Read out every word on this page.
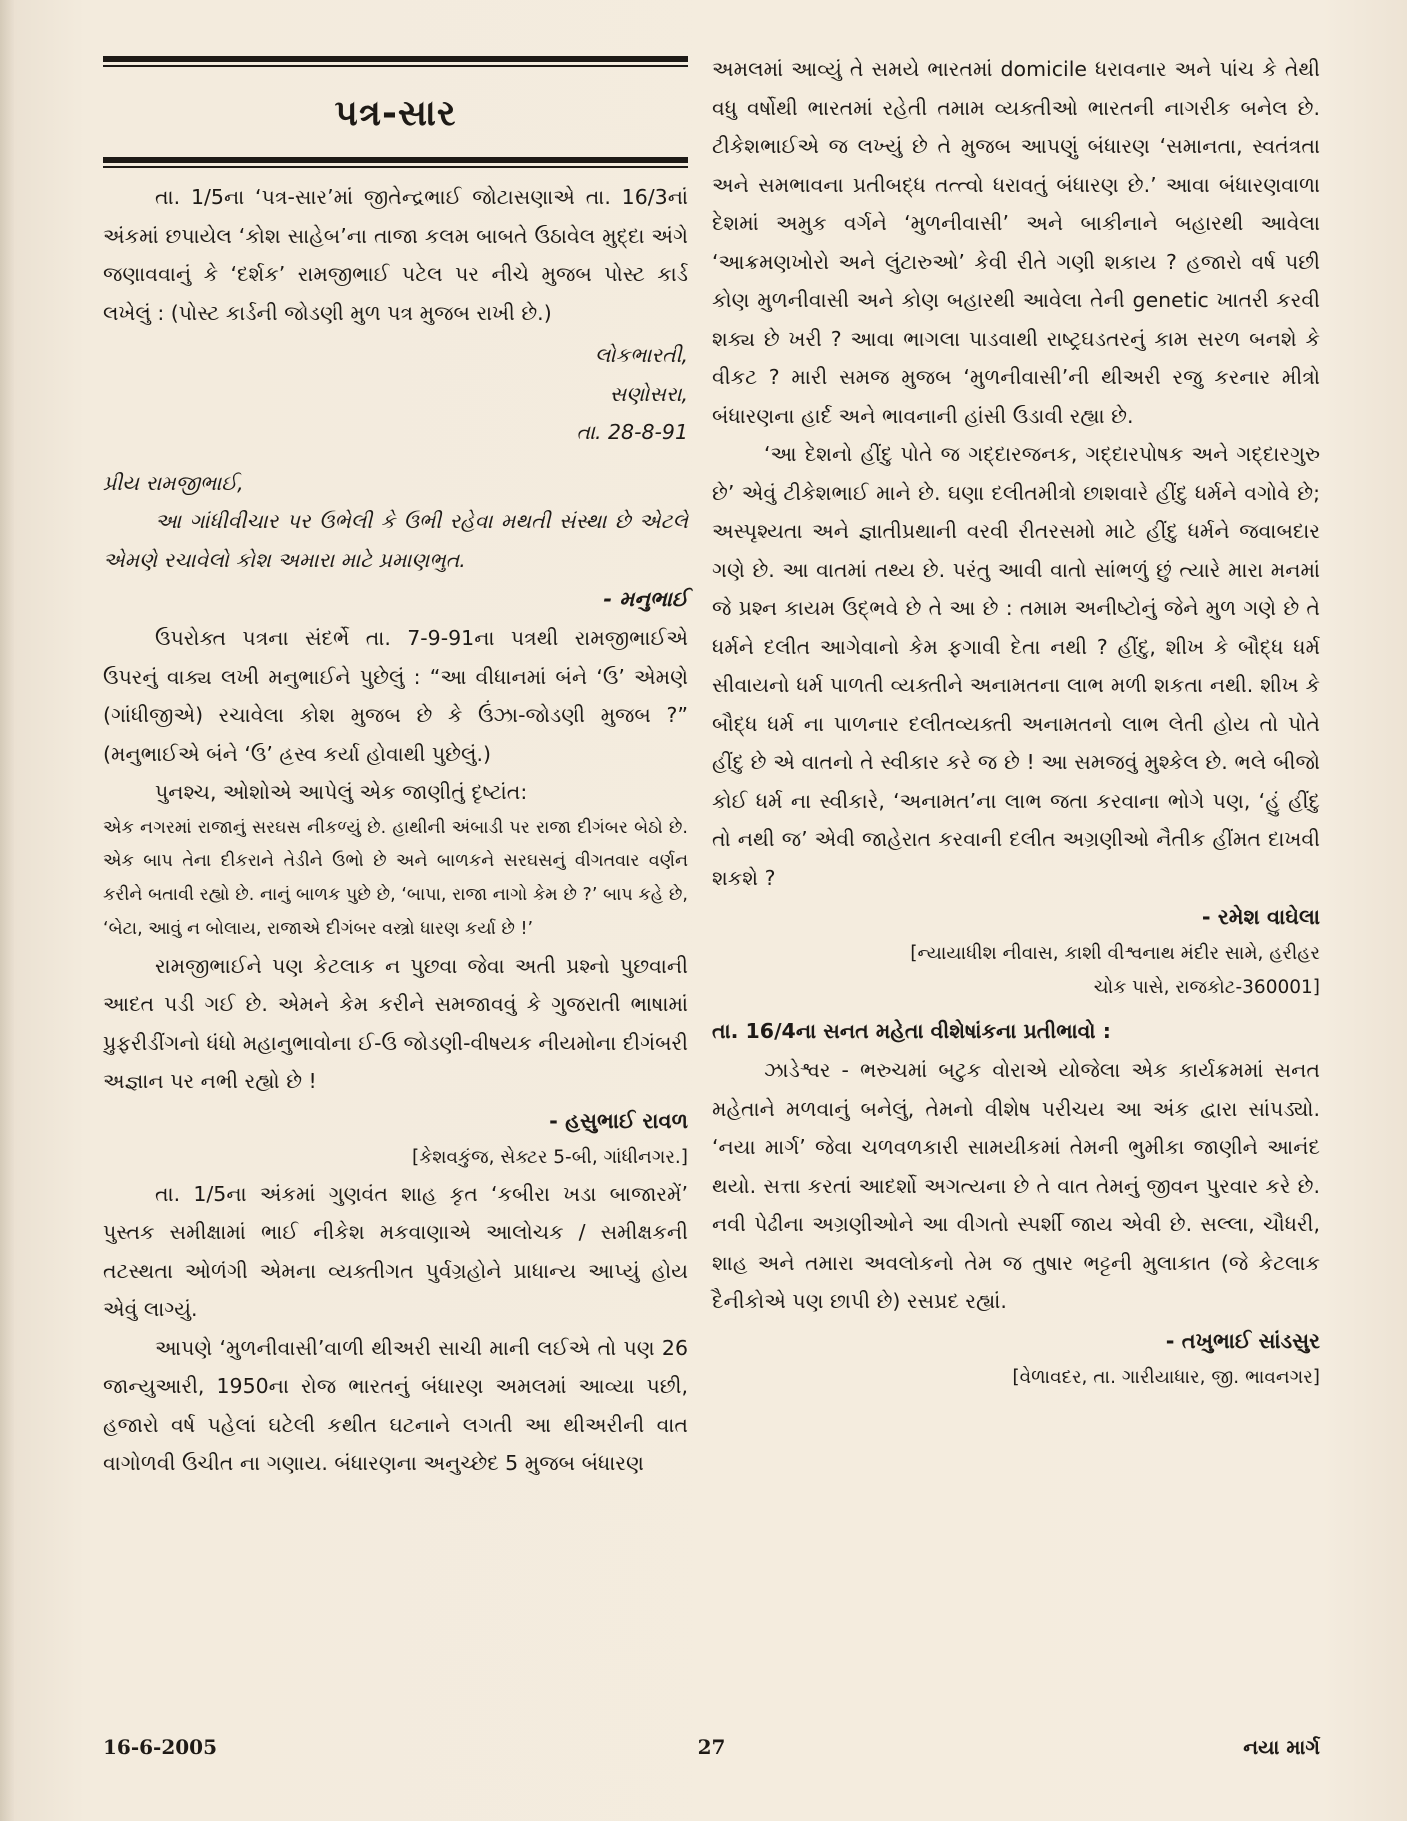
પત્ર-સાર

તા. 1/5ના ‘પત્ર-સાર’માં જીતેન્દ્રભાઈ જોટાસણાએ તા. 16/3નાં અંકમાં છપાયેલ ‘કોશ સાહેબ’ના તાજા કલમ બાબતે ઉઠાવેલ મુદ્દા અંગે જણાવવાનું કે ‘દર્શક’ રામજીભાઈ પટેલ પર નીચે મુજબ પોસ્ટ કાર્ડ લખેલું : (પોસ્ટ કાર્ડની જોડણી મુળ પત્ર મુજબ રાખી છે.)

લોકભારતી,

સણોસરા,

તા. 28-8-91

પ્રીય રામજીભાઈ,

આ ગાંધીવીચાર પર ઉભેલી કે ઉભી રહેવા મથતી સંસ્થા છે એટલે એમણે રચાવેલો કોશ અમારા માટે પ્રમાણભુત.

- મનુભાઈ

ઉપરોક્ત પત્રના સંદર્ભે તા. 7-9-91ના પત્રથી રામજીભાઈએ ઉપરનું વાક્ય લખી મનુભાઈને પુછેલું : “આ વીધાનમાં બંને ‘ઉ’ એમણે (ગાંધીજીએ) રચાવેલા કોશ મુજબ છે કે ઉંઝા-જોડણી મુજબ ?” (મનુભાઈએ બંને ‘ઉ’ હ્રસ્વ કર્યા હોવાથી પુછેલું.)

પુનશ્ચ, ઓશોએ આપેલું એક જાણીતું દૃષ્ટાંત:

એક નગરમાં રાજાનું સરઘસ નીકળ્યું છે. હાથીની અંબાડી પર રાજા દીગંબર બેઠો છે. એક બાપ તેના દીકરાને તેડીને ઉભો છે અને બાળકને સરઘસનું વીગતવાર વર્ણન કરીને બતાવી રહ્યો છે. નાનું બાળક પુછે છે, ‘બાપા, રાજા નાગો કેમ છે ?’ બાપ કહે છે, ‘બેટા, આવું ન બોલાય, રાજાએ દીગંબર વસ્ત્રો ધારણ કર્યા છે !’

રામજીભાઈને પણ કેટલાક ન પુછવા જેવા અતી પ્રશ્નો પુછવાની આદત પડી ગઈ છે. એમને કેમ કરીને સમજાવવું કે ગુજરાતી ભાષામાં પ્રુફરીડીંગનો ધંધો મહાનુભાવોના ઈ-ઉ જોડણી-વીષયક નીયમોના દીગંબરી અજ્ઞાન પર નભી રહ્યો છે !

- હસુભાઈ રાવળ

[કેશવકુંજ, સેક્ટર 5-બી, ગાંધીનગર.]

તા. 1/5ના અંકમાં ગુણવંત શાહ કૃત ‘કબીરા ખડા બાજારમેં’ પુસ્તક સમીક્ષામાં ભાઈ નીકેશ મકવાણાએ આલોચક / સમીક્ષકની તટસ્થતા ઓળંગી એમના વ્યક્તીગત પુર્વગ્રહોને પ્રાધાન્ય આપ્યું હોય એવું લાગ્યું.

આપણે ‘મુળનીવાસી’વાળી થીઅરી સાચી માની લઈએ તો પણ 26 જાન્યુઆરી, 1950ના રોજ ભારતનું બંધારણ અમલમાં આવ્યા પછી, હજારો વર્ષ પહેલાં ઘટેલી કથીત ઘટનાને લગતી આ થીઅરીની વાત વાગોળવી ઉચીત ના ગણાય. બંધારણના અનુચ્છેદ 5 મુજબ બંધારણ

અમલમાં આવ્યું તે સમયે ભારતમાં domicile ધરાવનાર અને પાંચ કે તેથી વધુ વર્ષોથી ભારતમાં રહેતી તમામ વ્યક્તીઓ ભારતની નાગરીક બનેલ છે. ટીકેશભાઈએ જ લખ્યું છે તે મુજબ આપણું બંધારણ ‘સમાનતા, સ્વતંત્રતા અને સમભાવના પ્રતીબદ્ધ તત્ત્વો ધરાવતું બંધારણ છે.’ આવા બંધારણવાળા દેશમાં અમુક વર્ગને ‘મુળનીવાસી’ અને બાકીનાને બહારથી આવેલા ‘આક્રમણખોરો અને લુંટારુઓ’ કેવી રીતે ગણી શકાય ? હજારો વર્ષ પછી કોણ મુળનીવાસી અને કોણ બહારથી આવેલા તેની genetic ખાતરી કરવી શક્ય છે ખરી ? આવા ભાગલા પાડવાથી રાષ્ટ્રઘડતરનું કામ સરળ બનશે કે વીકટ ? મારી સમજ મુજબ ‘મુળનીવાસી’ની થીઅરી રજુ કરનાર મીત્રો બંધારણના હાર્દ અને ભાવનાની હાંસી ઉડાવી રહ્યા છે.

‘આ દેશનો હીંદુ પોતે જ ગદ્દારજનક, ગદ્દારપોષક અને ગદ્દારગુરુ છે’ એવું ટીકેશભાઈ માને છે. ઘણા દલીતમીત્રો છાશવારે હીંદુ ધર્મને વગોવે છે; અસ્પૃશ્યતા અને જ્ઞાતીપ્રથાની વરવી રીતરસમો માટે હીંદુ ધર્મને જવાબદાર ગણે છે. આ વાતમાં તથ્ય છે. પરંતુ આવી વાતો સાંભળું છું ત્યારે મારા મનમાં જે પ્રશ્ન કાયમ ઉદ્ભવે છે તે આ છે : તમામ અનીષ્ટોનું જેને મુળ ગણે છે તે ધર્મને દલીત આગેવાનો કેમ ફગાવી દેતા નથી ? હીંદુ, શીખ કે બૌદ્ધ ધર્મ સીવાયનો ધર્મ પાળતી વ્યક્તીને અનામતના લાભ મળી શકતા નથી. શીખ કે બૌદ્ધ ધર્મ ના પાળનાર દલીતવ્યક્તી અનામતનો લાભ લેતી હોય તો પોતે હીંદુ છે એ વાતનો તે સ્વીકાર કરે જ છે ! આ સમજવું મુશ્કેલ છે. ભલે બીજો કોઈ ધર્મ ના સ્વીકારે, ‘અનામત’ના લાભ જતા કરવાના ભોગે પણ, ‘હું હીંદુ તો નથી જ’ એવી જાહેરાત કરવાની દલીત અગ્રણીઓ નૈતીક હીંમત દાખવી શકશે ?

- રમેશ વાઘેલા

[ન્યાયાધીશ નીવાસ, કાશી વીશ્વનાથ મંદીર સામે, હરીહર

ચોક પાસે, રાજકોટ-360001]

તા. 16/4ના સનત મહેતા વીશેષાંકના પ્રતીભાવો :

ઝાડેશ્વર - ભરુચમાં બટુક વોરાએ યોજેલા એક કાર્યક્રમમાં સનત મહેતાને મળવાનું બનેલું, તેમનો વીશેષ પરીચય આ અંક દ્વારા સાંપડ્યો. ‘નયા માર્ગ’ જેવા ચળવળકારી સામયીકમાં તેમની ભુમીકા જાણીને આનંદ થયો. સત્તા કરતાં આદર્શો અગત્યના છે તે વાત તેમનું જીવન પુરવાર કરે છે. નવી પેઢીના અગ્રણીઓને આ વીગતો સ્પર્શી જાય એવી છે. સલ્લા, ચૌધરી, શાહ અને તમારા અવલોકનો તેમ જ તુષાર ભટ્ટની મુલાકાત (જે કેટલાક દૈનીકોએ પણ છાપી છે) રસપ્રદ રહ્યાં.

- તખુભાઈ સાંડસુર

[વેળાવદર, તા. ગારીયાધાર, જી. ભાવનગર]

16-6-2005	27	નયા માર્ગ
